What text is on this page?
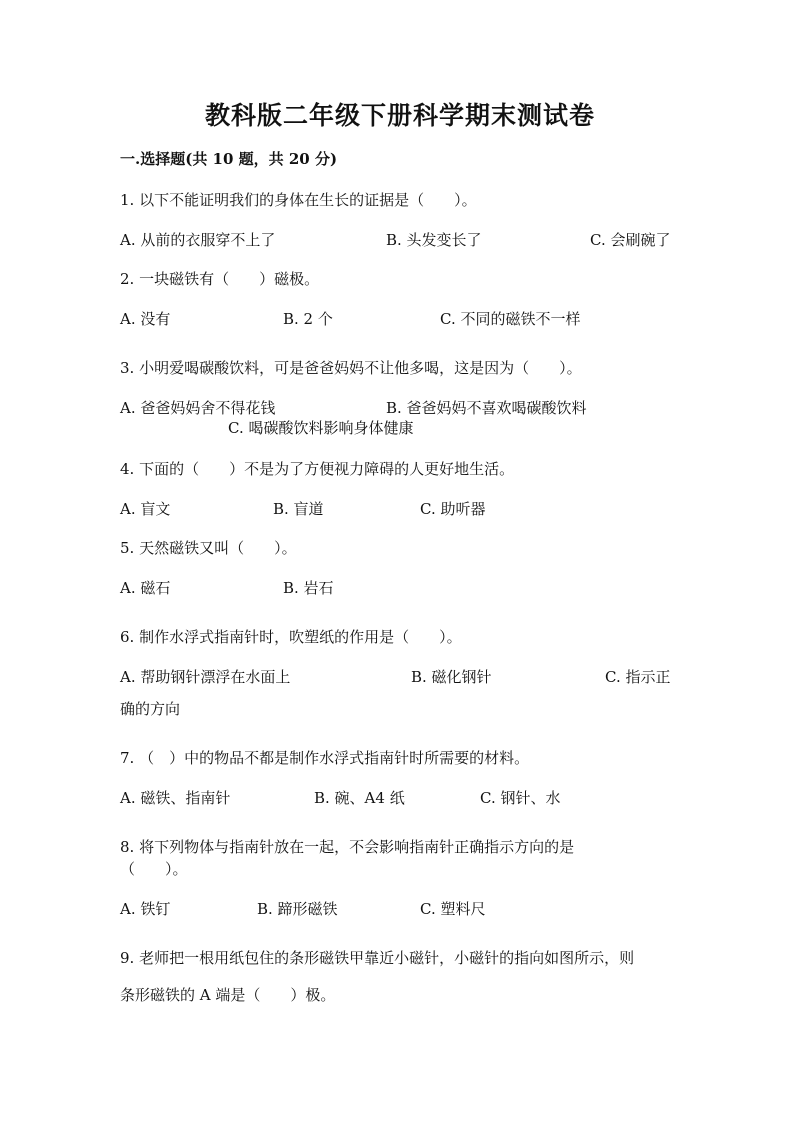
教科版二年级下册科学期末测试卷
一.选择题(共 10 题，共 20 分)
1. 以下不能证明我们的身体在生长的证据是（　　）。
A. 从前的衣服穿不上了	B. 头发变长了	C. 会刷碗了
2. 一块磁铁有（　　）磁极。
A. 没有	B. 2 个	C. 不同的磁铁不一样
3. 小明爱喝碳酸饮料，可是爸爸妈妈不让他多喝，这是因为（　　）。
A. 爸爸妈妈舍不得花钱	B. 爸爸妈妈不喜欢喝碳酸饮料
C. 喝碳酸饮料影响身体健康
4. 下面的（　　）不是为了方便视力障碍的人更好地生活。
A. 盲文	B. 盲道	C. 助听器
5. 天然磁铁又叫（　　）。
A. 磁石	B. 岩石
6. 制作水浮式指南针时，吹塑纸的作用是（　　）。
A. 帮助钢针漂浮在水面上	B. 磁化钢针	C. 指示正
确的方向
7. （　）中的物品不都是制作水浮式指南针时所需要的材料。
A. 磁铁、指南针	B. 碗、A4 纸	C. 钢针、水
8. 将下列物体与指南针放在一起，不会影响指南针正确指示方向的是
（　　）。
A. 铁钉	B. 蹄形磁铁	C. 塑料尺
9. 老师把一根用纸包住的条形磁铁甲靠近小磁针，小磁针的指向如图所示，则
条形磁铁的 A 端是（　　）极。
